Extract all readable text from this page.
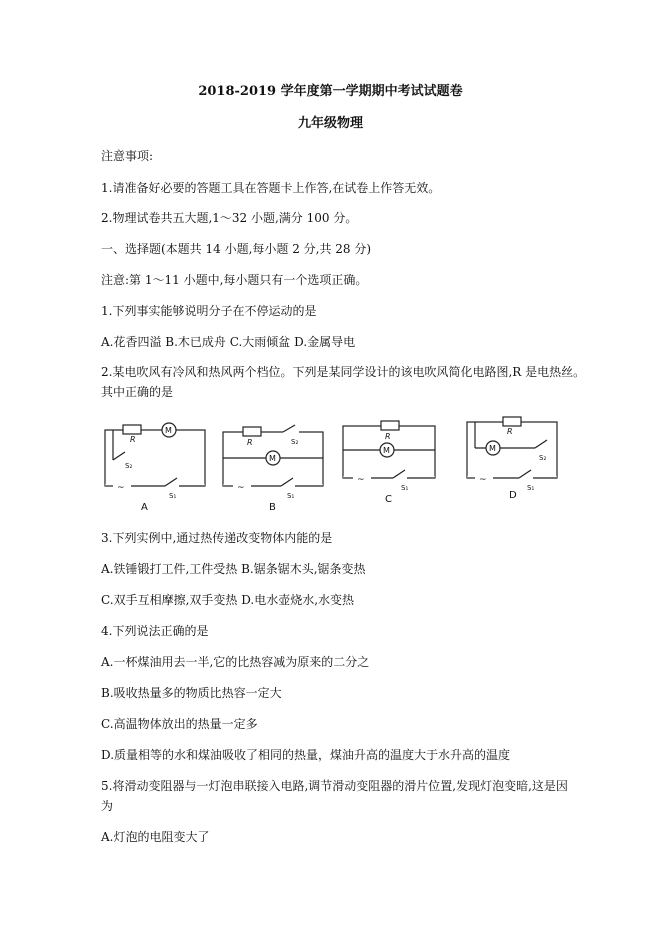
2018-2019 学年度第一学期期中考试试题卷
九年级物理
注意事项:
1.请准备好必要的答题工具在答题卡上作答,在试卷上作答无效。
2.物理试卷共五大题,1～32 小题,满分 100 分。
一、选择题(本题共 14 小题,每小题 2 分,共 28 分)
注意:第 1～11 小题中,每小题只有一个选项正确。
1.下列事实能够说明分子在不停运动的是
A.花香四溢 B.木已成舟 C.大雨倾盆 D.金属导电
2.某电吹风有冷风和热风两个档位。下列是某同学设计的该电吹风简化电路图,R 是电热丝。
其中正确的是
R
M
S₂
~
S₁
A
R	S₂
M
~
S₁
B
R
M
~
S₁
C
R
M
S₂
~
S₁
D
3.下列实例中,通过热传递改变物体内能的是
A.铁锤锻打工件,工件受热 B.锯条锯木头,锯条变热
C.双手互相摩擦,双手变热 D.电水壶烧水,水变热
4.下列说法正确的是
A.一杯煤油用去一半,它的比热容减为原来的二分之
B.吸收热量多的物质比热容一定大
C.高温物体放出的热量一定多
D.质量相等的水和煤油吸收了相同的热量，煤油升高的温度大于水升高的温度
5.将滑动变阻器与一灯泡串联接入电路,调节滑动变阻器的滑片位置,发现灯泡变暗,这是因
为
A.灯泡的电阻变大了
